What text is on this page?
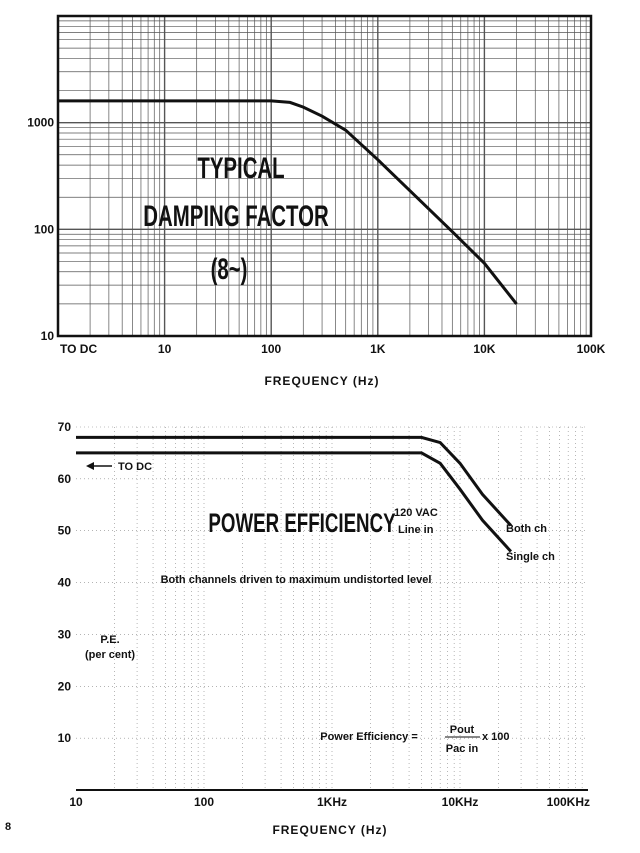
TO DC	10	100	1K	10K	100K
10
100
1000
TYPICAL
DAMPING FACTOR
(8~)
FREQUENCY (Hz)
10	100	1KHz	10KHz	100KHz
10
20
30
40
50
60
70
TO DC
POWER EFFICIENCY
120 VAC
Line in	Both ch
Single ch
Both channels driven to maximum undistorted level
P.E.
(per cent)
Power Efficiency =
Pout
Pac in
x 100
FREQUENCY (Hz)
8
